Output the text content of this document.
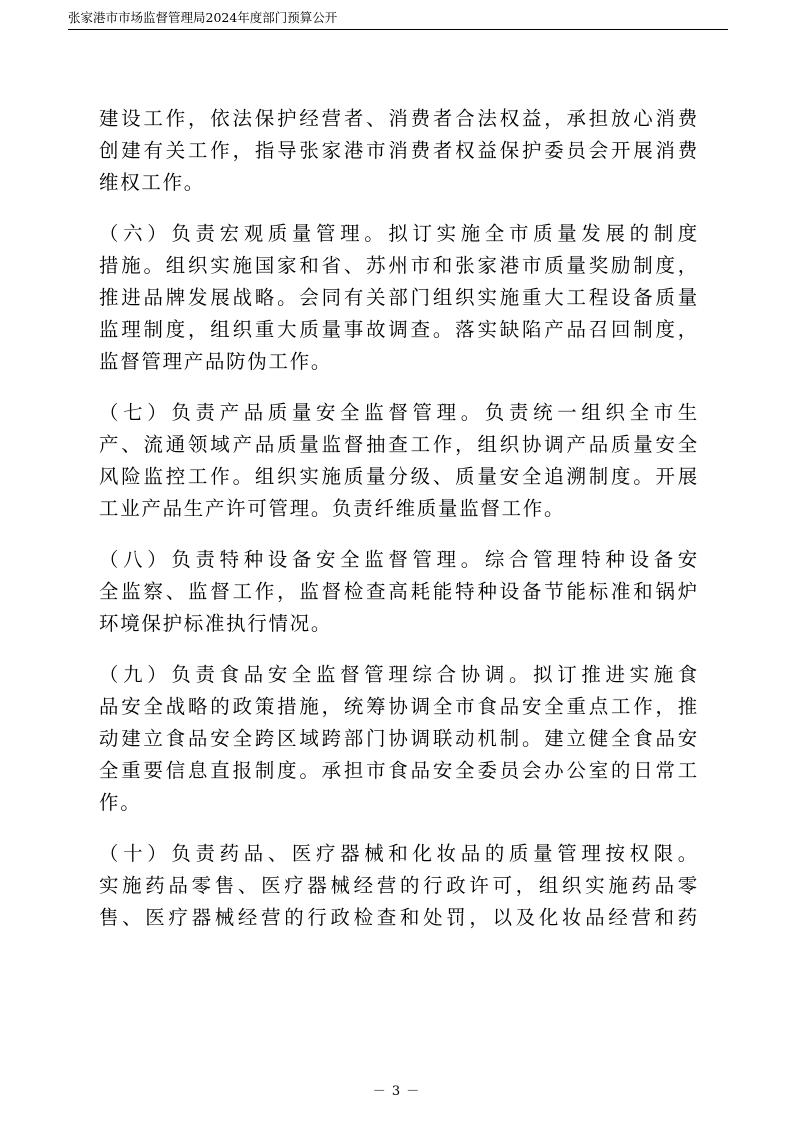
张家港市市场监督管理局2024年度部门预算公开
建设工作，依法保护经营者、消费者合法权益，承担放心消费
创建有关工作，指导张家港市消费者权益保护委员会开展消费
维权工作。
（六）负责宏观质量管理。拟订实施全市质量发展的制度
措施。组织实施国家和省、苏州市和张家港市质量奖励制度，
推进品牌发展战略。会同有关部门组织实施重大工程设备质量
监理制度，组织重大质量事故调查。落实缺陷产品召回制度，
监督管理产品防伪工作。
（七）负责产品质量安全监督管理。负责统一组织全市生
产、流通领域产品质量监督抽查工作，组织协调产品质量安全
风险监控工作。组织实施质量分级、质量安全追溯制度。开展
工业产品生产许可管理。负责纤维质量监督工作。
（八）负责特种设备安全监督管理。综合管理特种设备安
全监察、监督工作，监督检查高耗能特种设备节能标准和锅炉
环境保护标准执行情况。
（九）负责食品安全监督管理综合协调。拟订推进实施食
品安全战略的政策措施，统筹协调全市食品安全重点工作，推
动建立食品安全跨区域跨部门协调联动机制。建立健全食品安
全重要信息直报制度。承担市食品安全委员会办公室的日常工
作。
（十）负责药品、医疗器械和化妆品的质量管理按权限。
实施药品零售、医疗器械经营的行政许可，组织实施药品零
售、医疗器械经营的行政检查和处罚，以及化妆品经营和药
－ 3 －
